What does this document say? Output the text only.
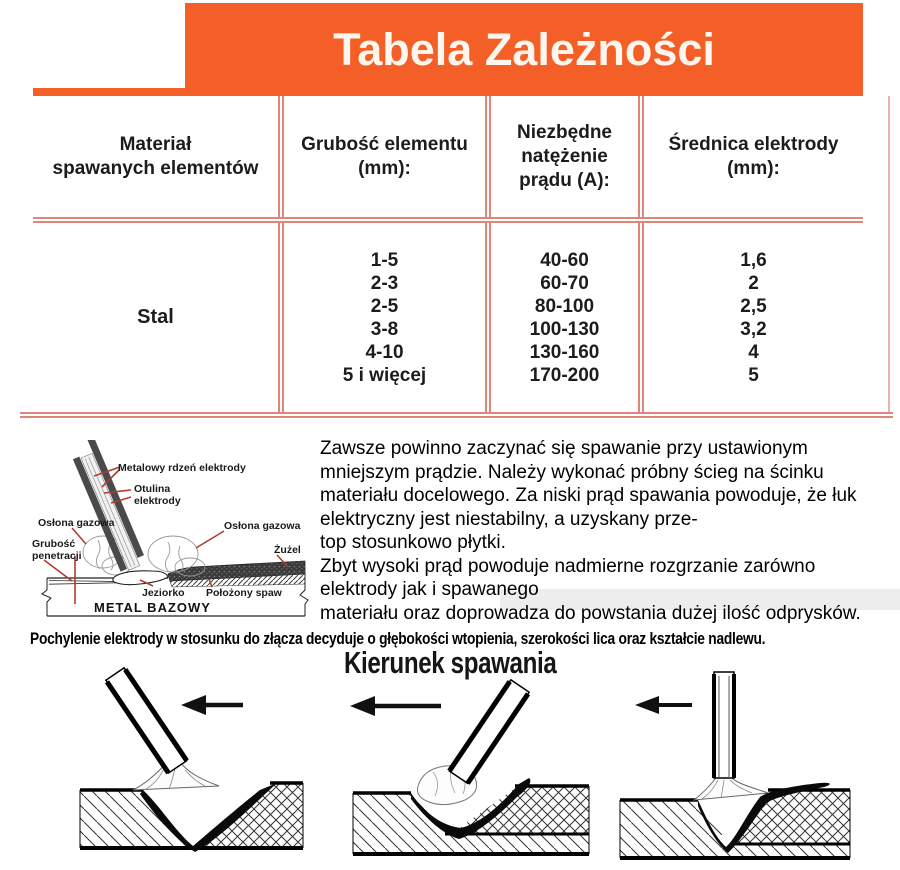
Tabela Zależności
Materiał
spawanych elementów
Grubość elementu
(mm):
Niezbędne
natężenie
prądu (A):
Średnica elektrody
(mm):
Stal
1-5
2-3
2-5
3-8
4-10
5 i więcej
40-60
60-70
80-100
100-130
130-160
170-200
1,6
2
2,5
3,2
4
5
Metalowy rdzeń elektrody
Otulina
elektrody
Osłona gazowa	Osłona gazowa
Grubość
penetracji	Żużel
Jeziorko Położony spaw
METAL BAZOWY
Zawsze powinno zaczynać się spawanie przy ustawionym
mniejszym prądzie. Należy wykonać próbny ścieg na ścinku
materiału docelowego. Za niski prąd spawania powoduje, że łuk
elektryczny jest niestabilny, a uzyskany prze-
top stosunkowo płytki.
Zbyt wysoki prąd powoduje nadmierne rozgrzanie zarówno
elektrody jak i spawanego
materiału oraz doprowadza do powstania dużej ilość odprysków.
Pochylenie elektrody w stosunku do złącza decyduje o głębokości wtopienia, szerokości lica oraz kształcie nadlewu.
Kierunek spawania
